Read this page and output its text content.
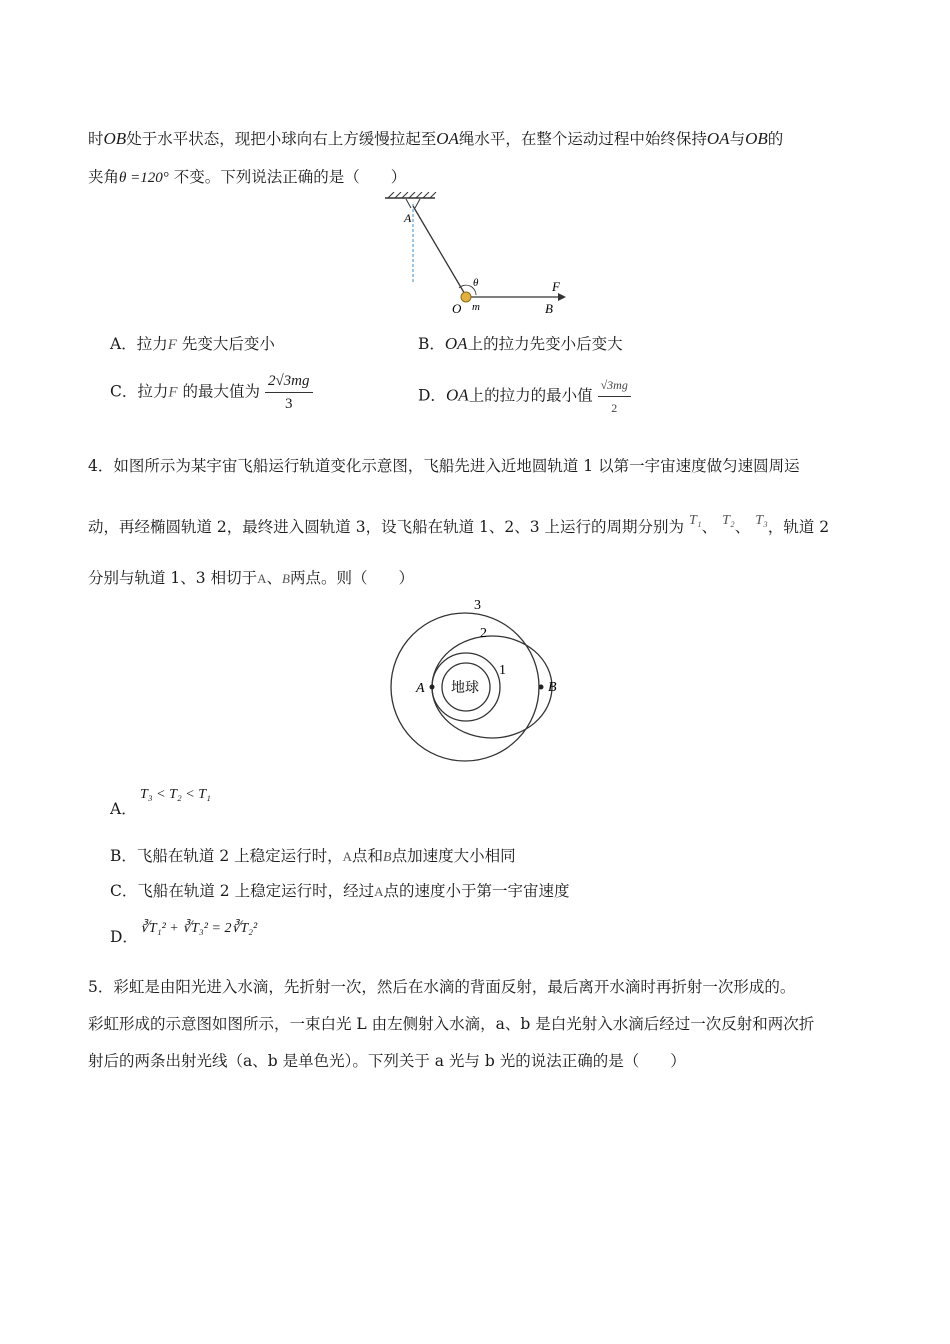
时OB处于水平状态，现把小球向右上方缓慢拉起至OA绳水平，在整个运动过程中始终保持OA与OB的
夹角θ =120° 不变。下列说法正确的是（　　）
A
θ
O m
F
B
A．拉力F 先变大后变小	B．OA上的拉力先变小后变大
C．拉力F 的最大值为 $\frac{2√3mg}{3}$	D．OA上的拉力的最小值 $\frac{√3mg}{2}$
4．如图所示为某宇宙飞船运行轨道变化示意图，飞船先进入近地圆轨道 1 以第一宇宙速度做匀速圆周运
动，再经椭圆轨道 2，最终进入圆轨道 3，设飞船在轨道 1、2、3 上运行的周期分别为 T₁、 T₂、 T₃，轨道 2
分别与轨道 1、3 相切于A、B两点。则（　　）
3
2
1
地球
A	B
A．
T₃ < T₂ < T₁
B．飞船在轨道 2 上稳定运行时，A点和B点加速度大小相同
C．飞船在轨道 2 上稳定运行时，经过A点的速度小于第一宇宙速度
D． ∛T₁² + ∛T₃² = 2∛T₂²
5．彩虹是由阳光进入水滴，先折射一次，然后在水滴的背面反射，最后离开水滴时再折射一次形成的。
彩虹形成的示意图如图所示，一束白光 L 由左侧射入水滴，a、b 是白光射入水滴后经过一次反射和两次折
射后的两条出射光线（a、b 是单色光）。下列关于 a 光与 b 光的说法正确的是（　　）
